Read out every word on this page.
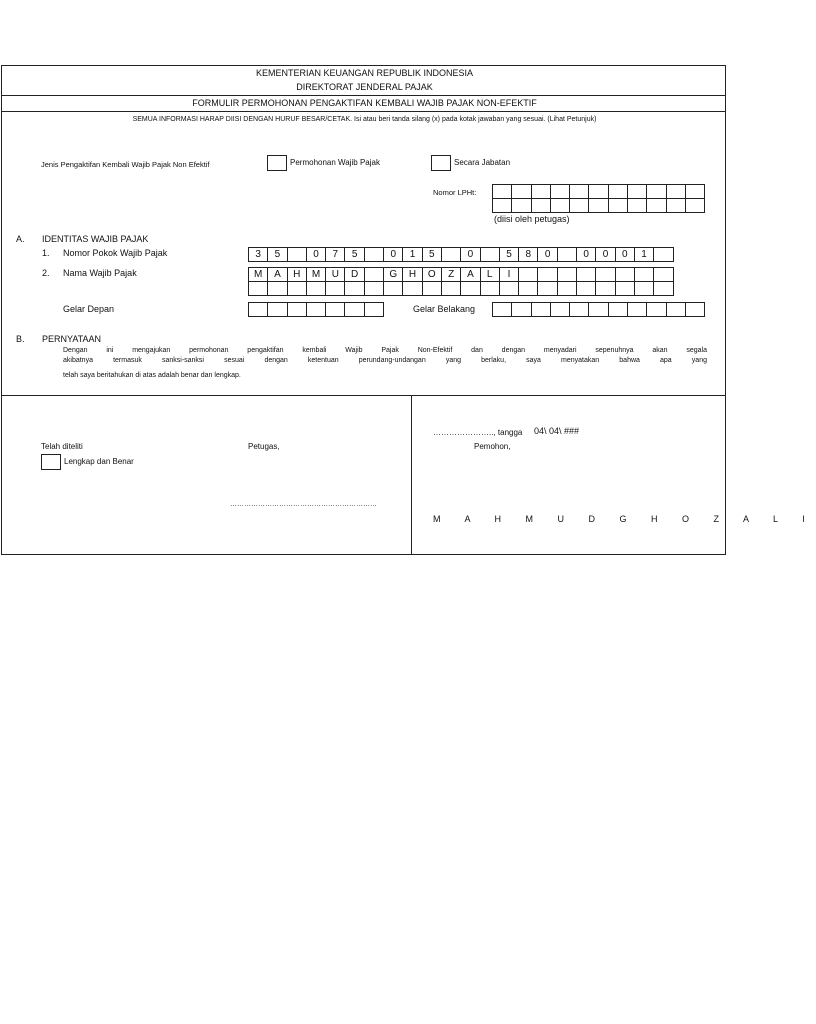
KEMENTERIAN KEUANGAN REPUBLIK INDONESIA
DIREKTORAT JENDERAL PAJAK
FORMULIR PERMOHONAN PENGAKTIFAN KEMBALI WAJIB PAJAK NON-EFEKTIF
SEMUA INFORMASI HARAP DIISI DENGAN HURUF BESAR/CETAK. Isi atau beri tanda silang (x) pada kotak jawaban yang sesuai. (Lihat Petunjuk)
Jenis Pengaktifan Kembali Wajib Pajak Non Efektif	Permohonan Wajib Pajak	Secara Jabatan
Nomor LPHt:
(diisi oleh petugas)
A. IDENTITAS WAJIB PAJAK
1. Nomor Pokok Wajib Pajak	3	5	0	7	5	0	1	5	0	5	8	0	0	0	0	1
2. Nama Wajib Pajak	M	A	H	M	U	D	G	H	O	Z	A	L	I
Gelar Depan	Gelar Belakang
B. PERNYATAAN
Dengan ini mengajukan permohonan pengaktifan kembali Wajib Pajak Non-Efektif dan dengan menyadari sepenuhnya akan segala
akibatnya termasuk sanksi-sanksi sesuai dengan ketentuan perundang-undangan yang berlaku, saya menyatakan bahwa apa yang
telah saya beritahukan di atas adalah benar dan lengkap.
Telah diteliti	Petugas,
Lengkap dan Benar
………………………………………………………
………………….., tangga 04\ 04\ ###
Pemohon,
M A H M U D G H O Z A L I
